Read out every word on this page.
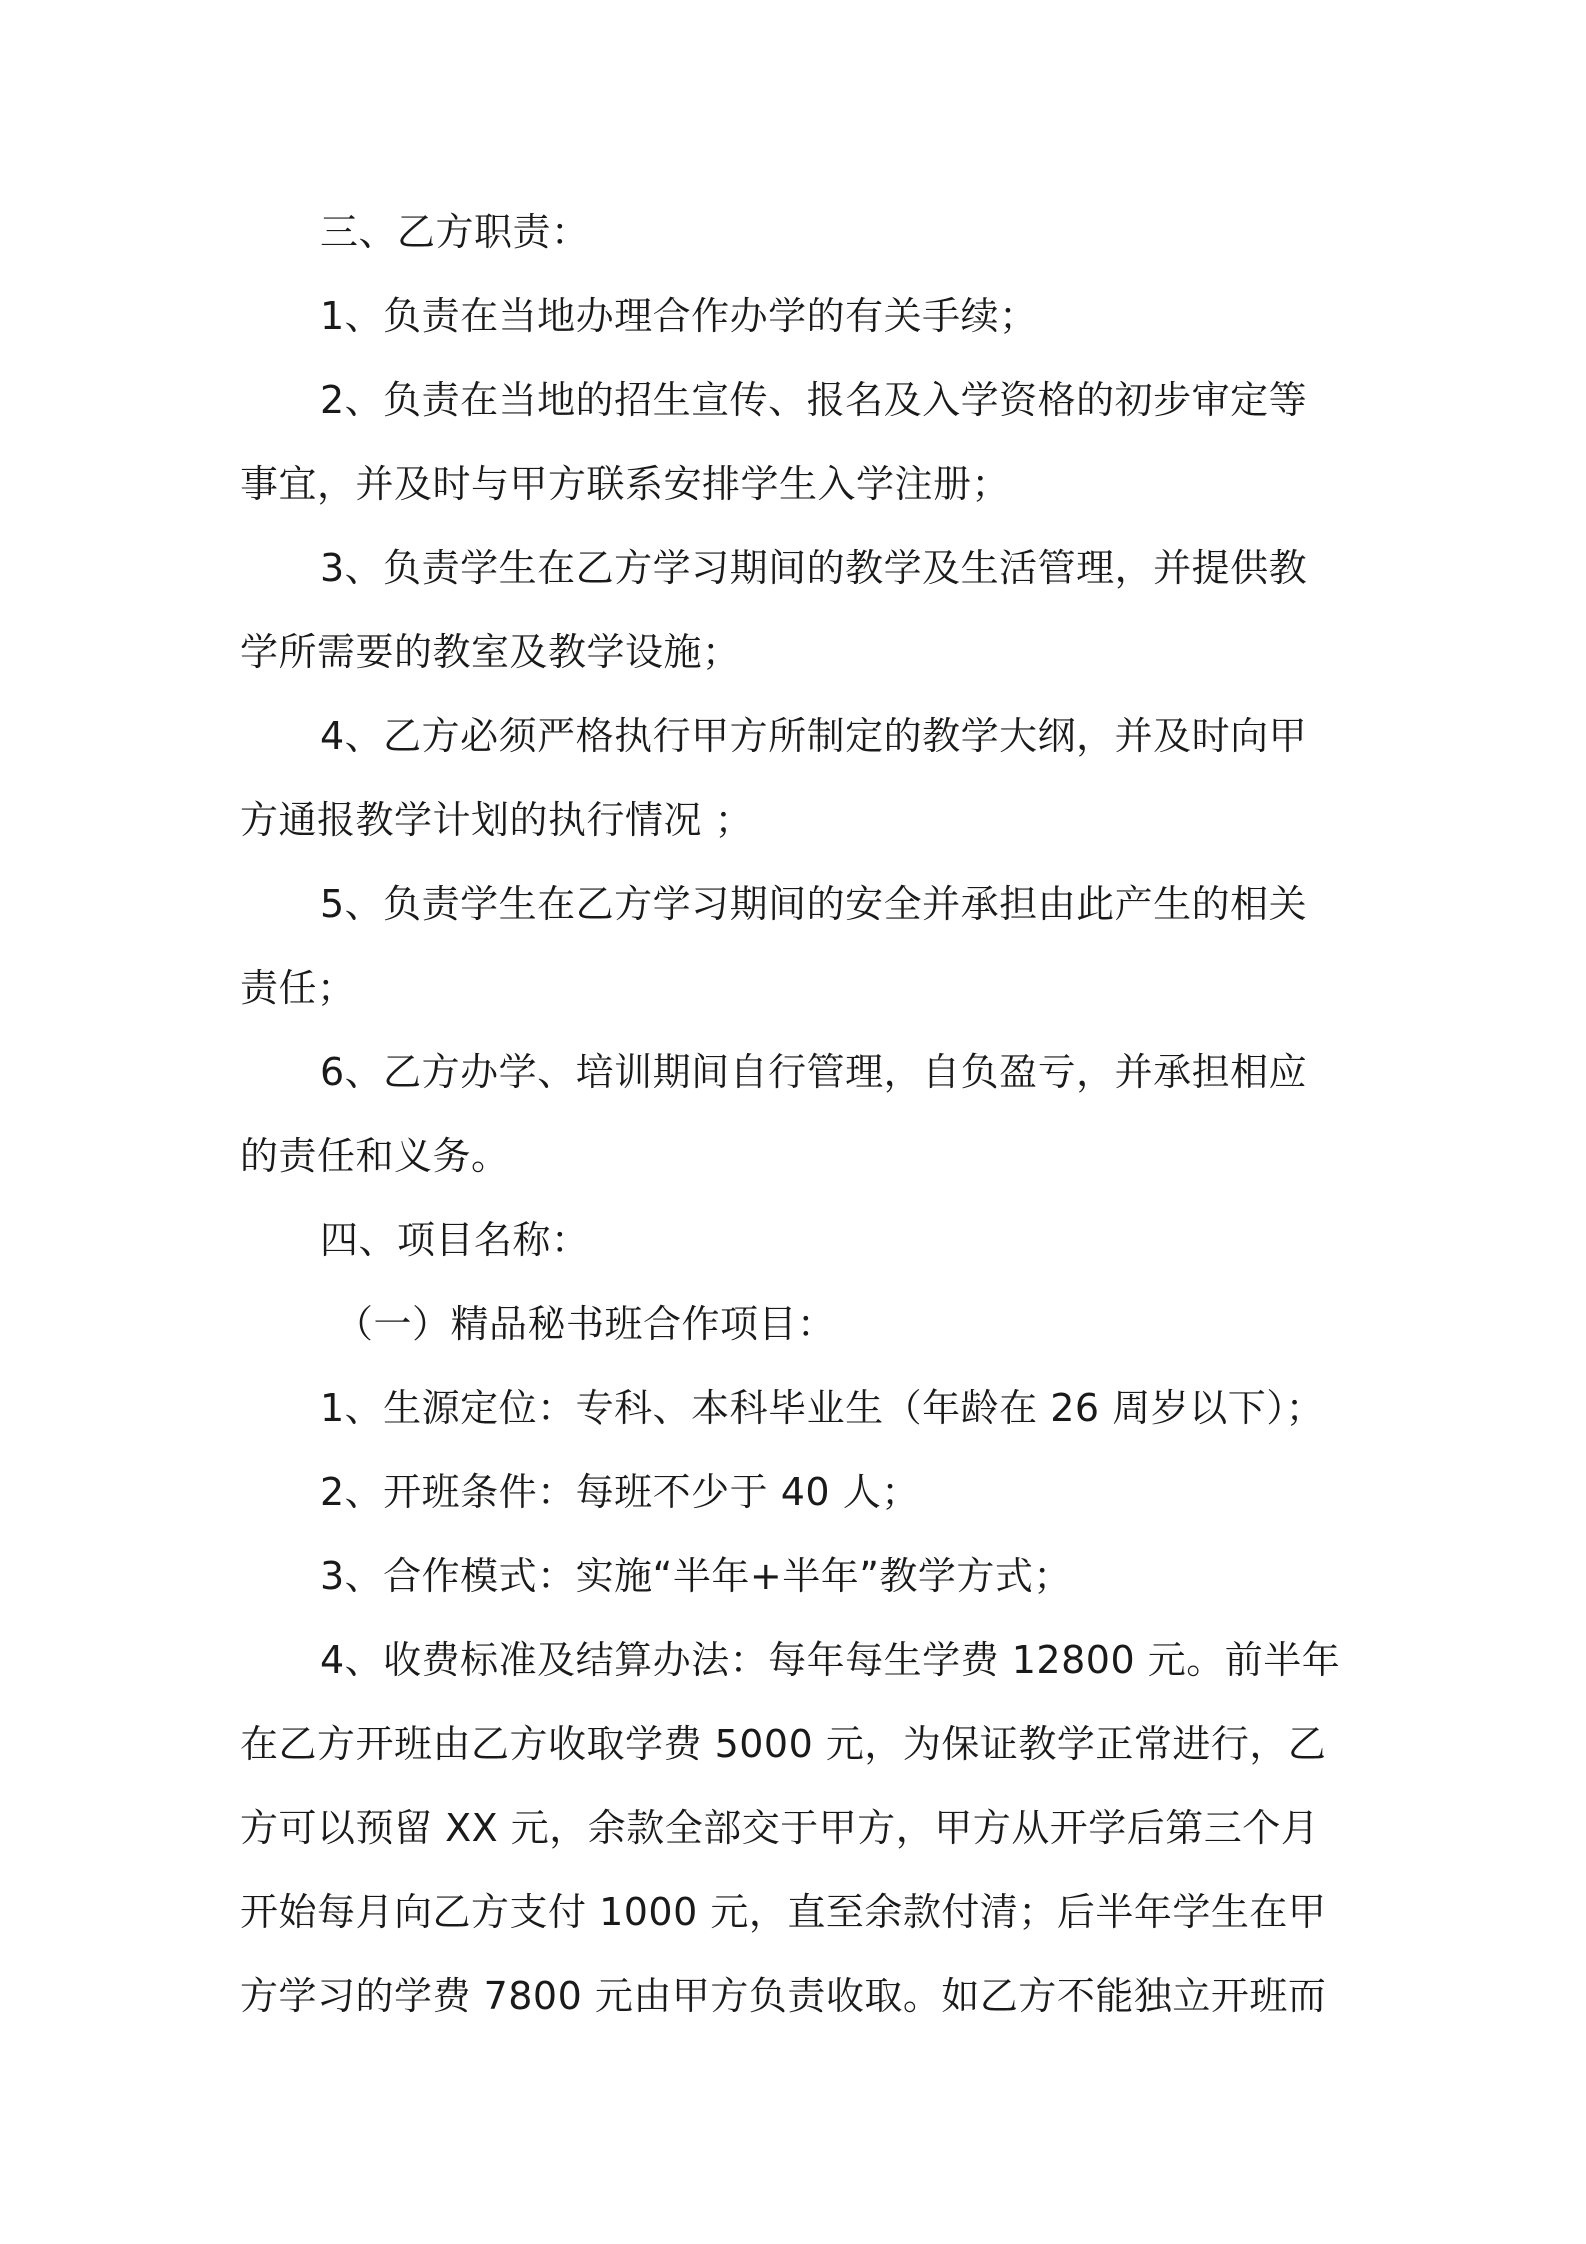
三、乙方职责：
1、负责在当地办理合作办学的有关手续；
2、负责在当地的招生宣传、报名及入学资格的初步审定等
事宜，并及时与甲方联系安排学生入学注册；
3、负责学生在乙方学习期间的教学及生活管理，并提供教
学所需要的教室及教学设施；
4、乙方必须严格执行甲方所制定的教学大纲，并及时向甲
方通报教学计划的执行情况 ；
5、负责学生在乙方学习期间的安全并承担由此产生的相关
责任；
6、乙方办学、培训期间自行管理，自负盈亏，并承担相应
的责任和义务。
四、项目名称：
（一）精品秘书班合作项目：
1、生源定位：专科、本科毕业生（年龄在 26 周岁以下）；
2、开班条件：每班不少于 40 人；
3、合作模式：实施“半年+半年”教学方式；
4、收费标准及结算办法：每年每生学费 12800 元。前半年
在乙方开班由乙方收取学费 5000 元，为保证教学正常进行，乙
方可以预留 XX 元，余款全部交于甲方，甲方从开学后第三个月
开始每月向乙方支付 1000 元，直至余款付清；后半年学生在甲
方学习的学费 7800 元由甲方负责收取。如乙方不能独立开班而
